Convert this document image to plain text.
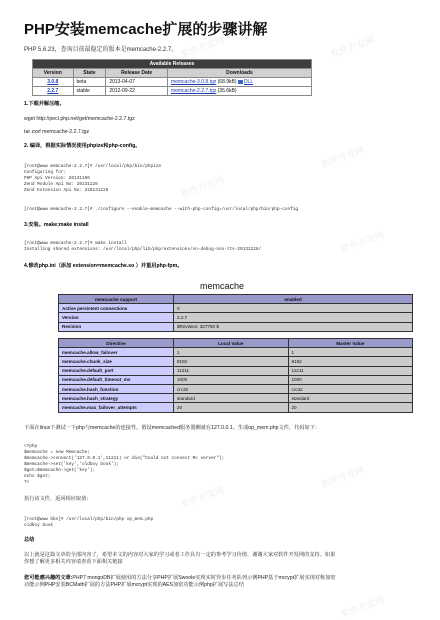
PHP安装memcache扩展的步骤讲解
PHP 5.6.23，查询目前最稳定的版本是memcache-2.2.7。
Available Releases			
Version	State	Release Date	Downloads
3.0.8	beta	2013-04-07	memcache-3.0.8.tgz (68.9kB) DLL
2.2.7	stable	2012-09-22	memcache-2.2.7.tgz (35.6kB)
1.下载并解压缩。
wget http://pecl.php.net/get/memcache-2.2.7.tgz
tar zxvf memcache-2.2.7.tgz
2. 编译，根据实际情况使用phpize和php-config。
[root@www memcache-2.2.7]# /usr/local/php/bin/phpize
Configuring for:
PHP Api Version: 20131106
Zend Module Api No: 20131226
Zend Extension Api No: 220131226
[root@www memcache-2.2.7]# ./configure --enable-memcache --with-php-config=/usr/local/php/bin/php-config
3.安装。make;make install
[root@www memcache-2.2.7]# make install
Installing shared extensions: /usr/local/php/lib/php/extensions/no-debug-non-zts-20131226/
4.修改php.ini（添加 extension=memcache.so ）并重启php-fpm。
memcache
memcache support	enabled
Active persistent connections	0
Version	2.2.7
Revision	$Revision: 327750 $
Directive	Local Value	Master Value
memcache.allow_failover	1	1
memcache.chunk_size	8192	8192
memcache.default_port	11211	11211
memcache.default_timeout_ms	1000	1000
memcache.hash_function	crc32	crc32
memcache.hash_strategy	standard	standard
memcache.max_failover_attempts	20	20
下面在linux下测试一下php与memcache的连接性。假设memcached服务器侧就在127.0.0.1。生成op_mem.php文件，代码如下：
<?php
$memcache = new Memcache;
$memcache->connect('127.0.0.1',11211) or die("Could not connect Mc server");
$memcache->set('key','oldboy book');
$get=$memcache->get('key');
echo $get;
?>
执行该文件，返回相应取值：
[root@www bbs]# /usr/local/php/bin/php op_mem.php
oldboy book
总结
以上就是这篇文章的全部内容了，希望本文的内容对大家的学习或者工作具有一定的参考学习价值，谢谢大家对软件开发网的支持。如果
你想了解更多相关内容请查看下面相关链接
您可能感兴趣的文章:PHP7 mongoDB扩展使用的方法分享PHP扩展Swoole实现实时异步任务队列示例PHP基于mcrypt扩展实现对称加密
功能示例PHP安装BCMath扩展的方法PHP扩展mcrypt实现的AES加密功能示例php扩展写法总结
软件开发网	软件开发网
软件开发网
软件开发网
软件开发网
软件开发网
软件开发网
软件开发网
